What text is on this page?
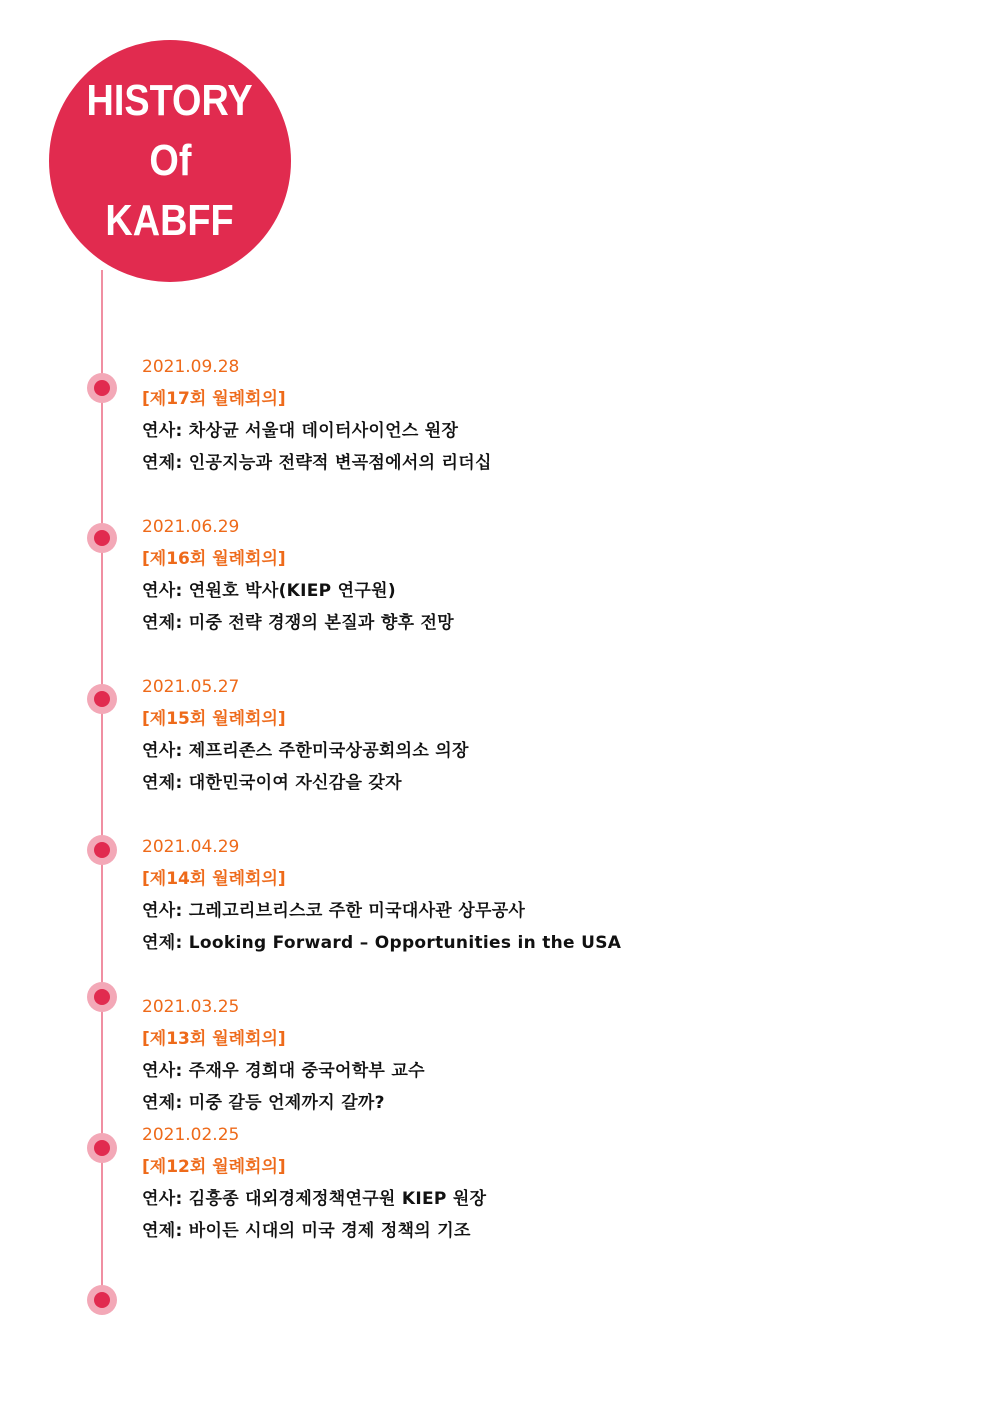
HISTORY
Of
KABFF
2021.09.28
[제17회 월례회의]
연사: 차상균 서울대 데이터사이언스 원장
연제: 인공지능과 전략적 변곡점에서의 리더십
2021.06.29
[제16회 월례회의]
연사: 연원호 박사(KIEP 연구원)
연제: 미중 전략 경쟁의 본질과 향후 전망
2021.05.27
[제15회 월례회의]
연사: 제프리존스 주한미국상공회의소 의장
연제: 대한민국이여 자신감을 갖자
2021.04.29
[제14회 월례회의]
연사: 그레고리브리스코 주한 미국대사관 상무공사
연제: Looking Forward – Opportunities in the USA
2021.03.25
[제13회 월례회의]
연사: 주재우 경희대 중국어학부 교수
연제: 미중 갈등 언제까지 갈까?
2021.02.25
[제12회 월례회의]
연사: 김흥종 대외경제정책연구원 KIEP 원장
연제: 바이든 시대의 미국 경제 정책의 기조
